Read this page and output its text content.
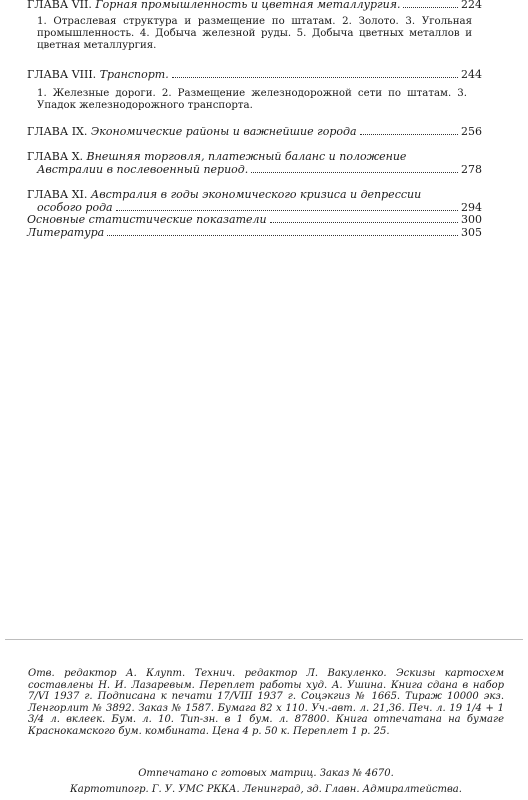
ГЛАВА VII. Горная промышленность и цветная металлургия.	224

1. Отраслевая структура и размещение по штатам. 2. Золото. 3. Угольная промышленность. 4. Добыча железной руды. 5. Добыча цветных металлов и цветная металлургия.

ГЛАВА VIII. Транспорт.	244

1. Железные дороги. 2. Размещение железнодорожной сети по штатам. 3. Упадок железнодорожного транспорта.

ГЛАВА IX. Экономические районы и важнейшие города	256
ГЛАВА X.
Внешняя торговля, платежный баланс и положение
Австралии в послевоенный период.	278
ГЛАВА XI.
Австралия в годы экономического кризиса и депрессии
особого рода	294
Основные статистические показатели	300
Литература	305

Отв. редактор А. Клупт. Технич. редактор Л. Вакуленко. Эскизы картосхем составлены Н. И. Лазаревым. Переплет работы худ. А. Ушина. Книга сдана в набор 7/VI 1937 г. Подписана к печати 17/VIII 1937 г. Соцэкгиз № 1665. Тираж 10000 экз. Ленгорлит № 3892. Заказ № 1587. Бумага 82 x 110. Уч.-авт. л. 21,36. Печ. л. 19 1/4 + 1 3/4 л. вклеек. Бум. л. 10. Тип-зн. в 1 бум. л. 87800. Книга отпечатана на бумаге Краснокамского бум. комбината. Цена 4 р. 50 к. Переплет 1 р. 25.

Отпечатано с готовых матриц. Заказ № 4670.
Картотипогр. Г. У. УМС РККА. Ленинград, зд. Главн. Адмиралтейства.
